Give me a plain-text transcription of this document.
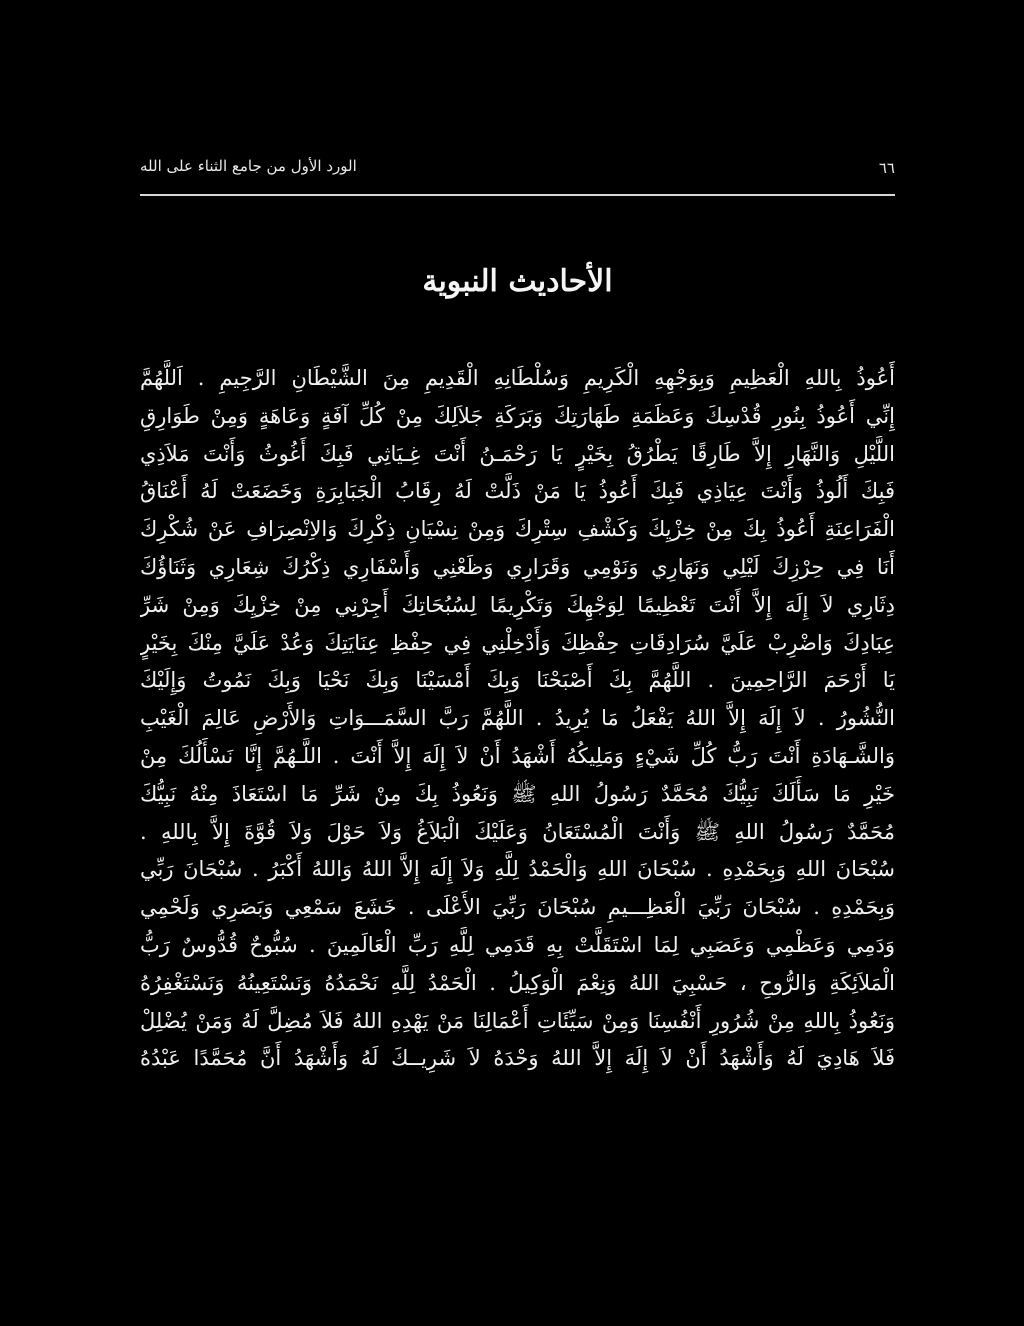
الورد الأول من جامع الثناء على الله	٦٦
الأحاديث النبوية
أَعُوذُ بِاللهِ الْعَظِيمِ وَبِوَجْهِهِ الْكَرِيمِ وَسُلْطَانِهِ الْقَدِيمِ مِنَ الشَّيْطَانِ الرَّجِيمِ . اَللَّهُمَّ
إِنِّي أَعُوذُ بِنُورِ قُدْسِكَ وَعَظَمَةِ طَهَارَتِكَ وَبَرَكَةِ جَلاَلِكَ مِنْ كُلِّ آفَةٍ وَعَاهَةٍ وَمِنْ طَوَارِقِ
اللَّيْلِ وَالنَّهَارِ إِلاَّ طَارِقًا يَطْرُقُ بِخَيْرٍ يَا رَحْمَـنُ أَنْتَ غِـيَاثِي فَبِكَ أَغُوثُ وَأَنْتَ مَلاَذِي
فَبِكَ أَلُوذُ وَأَنْتَ عِيَاذِي فَبِكَ أَعُوذُ يَا مَنْ ذَلَّتْ لَهُ رِقَابُ الْجَبَابِرَةِ وَخَضَعَتْ لَهُ أَعْنَاقُ
الْفَرَاعِنَةِ أَعُوذُ بِكَ مِنْ خِزْيِكَ وَكَشْفِ سِتْرِكَ وَمِنْ نِسْيَانِ ذِكْرِكَ وَالاِنْصِرَافِ عَنْ شُكْرِكَ
أَنَا فِي حِرْزِكَ لَيْلِي وَنَهَارِي وَنَوْمِي وَقَرَارِي وَظَعْنِي وَأَسْفَارِي ذِكْرُكَ شِعَارِي وَثَنَاؤُكَ
دِثَارِي لاَ إِلَهَ إِلاَّ أَنْتَ تَعْظِيمًا لِوَجْهِكَ وَتَكْرِيمًا لِسُبُحَاتِكَ أَجِرْنِي مِنْ خِزْيِكَ وَمِنْ شَرِّ
عِبَادِكَ وَاضْرِبْ عَلَيَّ سُرَادِقَاتِ حِفْظِكَ وَأَدْخِلْنِي فِي حِفْظِ عِنَايَتِكَ وَعُدْ عَلَيَّ مِنْكَ بِخَيْرٍ
يَا أَرْحَمَ الرَّاحِمِينَ . اللَّهُمَّ بِكَ أَصْبَحْنَا وَبِكَ أَمْسَيْنَا وَبِكَ نَحْيَا وَبِكَ نَمُوتُ وَإِلَيْكَ
النُّشُورُ . لاَ إِلَهَ إِلاَّ اللهُ يَفْعَلُ مَا يُرِيدُ . اللَّهُمَّ رَبَّ السَّمَـــوَاتِ وَالأَرْضِ عَالِمَ الْغَيْبِ
وَالشَّـهَادَةِ أَنْتَ رَبُّ كُلِّ شَيْءٍ وَمَلِيكُهُ أَشْهَدُ أَنْ لاَ إِلَهَ إِلاَّ أَنْتَ . اللَّـهُمَّ إِنَّا نَسْأَلُكَ مِنْ
خَيْرِ مَا سَأَلَكَ نَبِيُّكَ مُحَمَّدٌ رَسُولُ اللهِ ﷺ وَنَعُوذُ بِكَ مِنْ شَرِّ مَا اسْتَعَاذَ مِنْهُ نَبِيُّكَ
مُحَمَّدٌ رَسُولُ اللهِ ﷺ وَأَنْتَ الْمُسْتَعَانُ وَعَلَيْكَ الْبَلاَغُ وَلاَ حَوْلَ وَلاَ قُوَّةَ إِلاَّ بِاللهِ .
سُبْحَانَ اللهِ وَبِحَمْدِهِ . سُبْحَانَ اللهِ وَالْحَمْدُ لِلَّهِ وَلاَ إِلَهَ إِلاَّ اللهُ وَاللهُ أَكْبَرُ . سُبْحَانَ رَبِّي
وَبِحَمْدِهِ . سُبْحَانَ رَبِّيَ الْعَظِـــيمِ سُبْحَانَ رَبِّيَ الأَعْلَى . خَشَعَ سَمْعِي وَبَصَرِي وَلَحْمِي
وَدَمِي وَعَظْمِي وَعَصَبِي لِمَا اسْتَقَلَّتْ بِهِ قَدَمِي لِلَّهِ رَبِّ الْعَالَمِينَ . سُبُّوحٌ قُدُّوسٌ رَبُّ
الْمَلاَئِكَةِ وَالرُّوحِ ، حَسْبِيَ اللهُ وَنِعْمَ الْوَكِيلُ . الْحَمْدُ لِلَّهِ نَحْمَدُهُ وَنَسْتَعِينُهُ وَنَسْتَغْفِرُهُ
وَنَعُوذُ بِاللهِ مِنْ شُرُورِ أَنْفُسِنَا وَمِنْ سَيِّئَاتِ أَعْمَالِنَا مَنْ يَهْدِهِ اللهُ فَلاَ مُضِلَّ لَهُ وَمَنْ يُضْلِلْ
فَلاَ هَادِيَ لَهُ وَأَشْهَدُ أَنْ لاَ إِلَهَ إِلاَّ اللهُ وَحْدَهُ لاَ شَرِيــكَ لَهُ وَأَشْهَدُ أَنَّ مُحَمَّدًا عَبْدُهُ
